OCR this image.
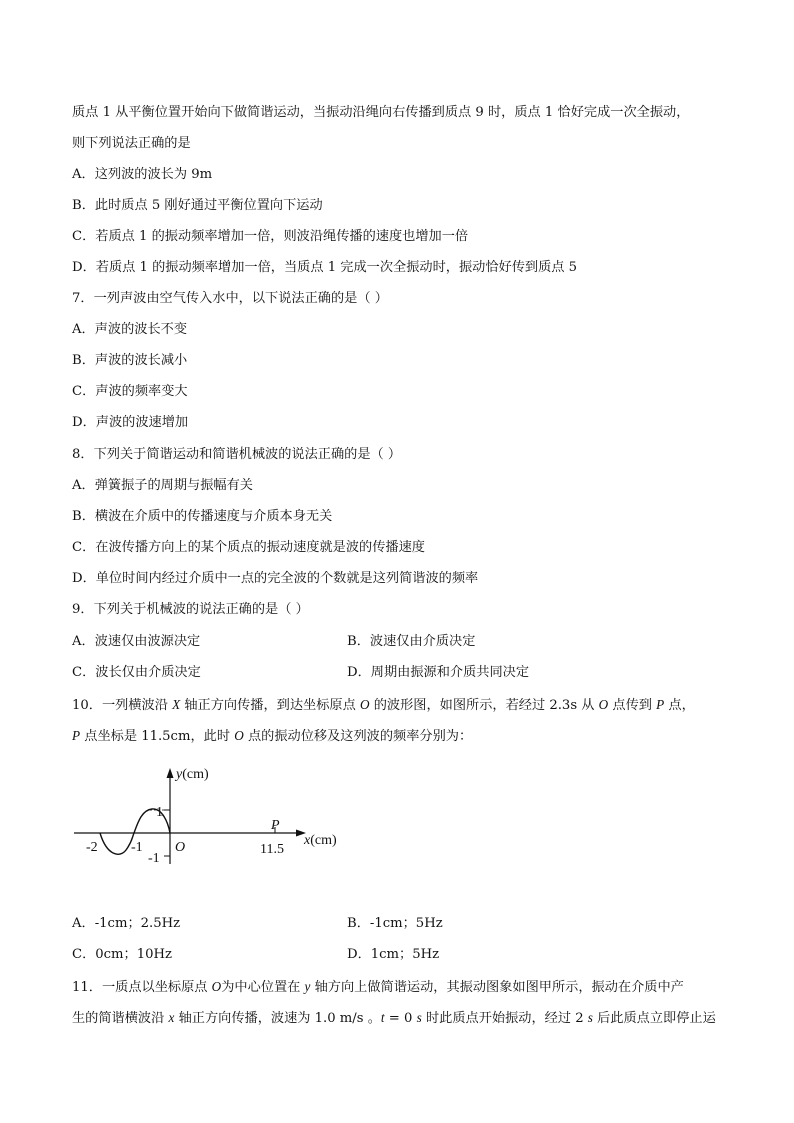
质点 1 从平衡位置开始向下做简谐运动，当振动沿绳向右传播到质点 9 时，质点 1 恰好完成一次全振动，
则下列说法正确的是
A．这列波的波长为 9m
B．此时质点 5 刚好通过平衡位置向下运动
C．若质点 1 的振动频率增加一倍，则波沿绳传播的速度也增加一倍
D．若质点 1 的振动频率增加一倍，当质点 1 完成一次全振动时，振动恰好传到质点 5
7．一列声波由空气传入水中，以下说法正确的是（ ）
A．声波的波长不变
B．声波的波长减小
C．声波的频率变大
D．声波的波速增加
8．下列关于简谐运动和简谐机械波的说法正确的是（ ）
A．弹簧振子的周期与振幅有关
B．横波在介质中的传播速度与介质本身无关
C．在波传播方向上的某个质点的振动速度就是波的传播速度
D．单位时间内经过介质中一点的完全波的个数就是这列简谐波的频率
9．下列关于机械波的说法正确的是（ ）
A．波速仅由波源决定	B．波速仅由介质决定
C．波长仅由介质决定	D．周期由振源和介质共同决定
10．一列横波沿 X 轴正方向传播，到达坐标原点 O 的波形图，如图所示，若经过 2.3s 从 O 点传到 P 点，
P 点坐标是 11.5cm，此时 O 点的振动位移及这列波的频率分别为：
y(cm)
x(cm)
1
-1
-2 -1 O
P
11.5
A．-1cm；2.5Hz	B．-1cm；5Hz
C．0cm；10Hz	D．1cm；5Hz
11．一质点以坐标原点 O为中心位置在 y 轴方向上做简谐运动，其振动图象如图甲所示，振动在介质中产
生的简谐横波沿 x 轴正方向传播，波速为 1.0 m/s 。t = 0 s 时此质点开始振动，经过 2 s 后此质点立即停止运
